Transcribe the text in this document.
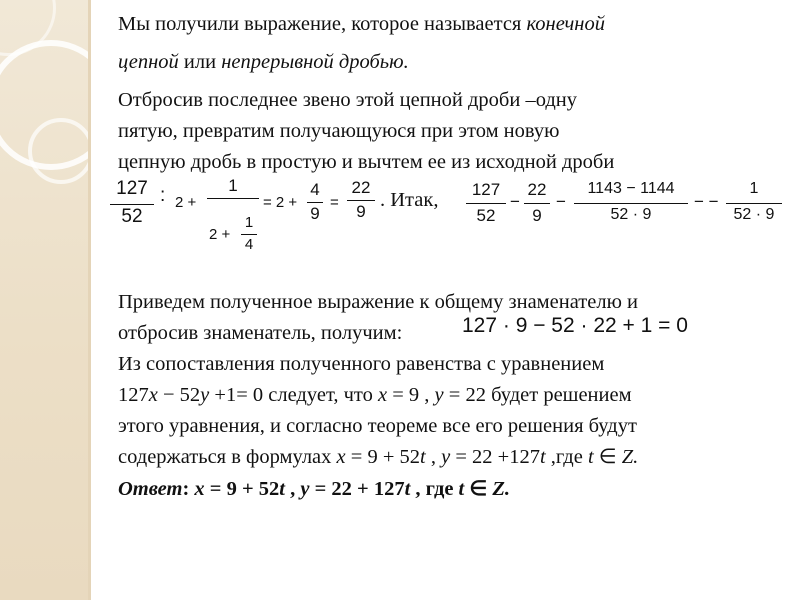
Мы получили выражение, которое называется конечной
цепной или непрерывной дробью.
Отбросив последнее звено этой цепной дроби –одну
пятую, превратим получающуюся при этом новую
цепную дробь в простую и вычтем ее из исходной дроби
127
52
: 2 +
1
2 +
1
4
= 2 +
4
9
=
22
9
. Итак,	127
52
−
22
9
−
1143 − 1144
52 · 9
− −
1
52 · 9
Приведем полученное выражение к общему знаменателю и
отбросив знаменатель, получим:	127 · 9 − 52 · 22 + 1 = 0
Из сопоставления полученного равенства с уравнением
127x − 52y +1= 0 следует, что x = 9 , y = 22 будет решением
этого уравнения, и согласно теореме все его решения будут
содержаться в формулах x = 9 + 52t , y = 22 +127t ,где t ∈ Z.
Ответ: x = 9 + 52t , y = 22 + 127t , где t ∈ Z.
